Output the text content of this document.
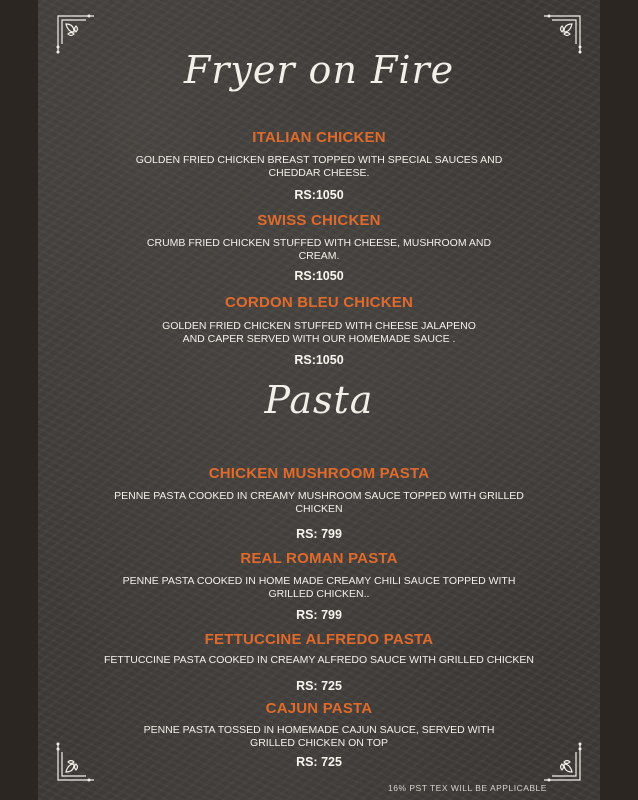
Fryer on Fire
ITALIAN CHICKEN
GOLDEN FRIED CHICKEN BREAST TOPPED WITH SPECIAL SAUCES AND CHEDDAR CHEESE.
RS:1050
SWISS CHICKEN
CRUMB FRIED CHICKEN STUFFED WITH CHEESE, MUSHROOM AND CREAM.
RS:1050
CORDON BLEU CHICKEN
GOLDEN FRIED CHICKEN STUFFED WITH CHEESE JALAPENO AND CAPER SERVED WITH OUR HOMEMADE SAUCE .
RS:1050
Pasta
CHICKEN MUSHROOM PASTA
PENNE PASTA COOKED IN CREAMY MUSHROOM SAUCE TOPPED WITH GRILLED CHICKEN
RS: 799
REAL ROMAN PASTA
PENNE PASTA COOKED IN HOME MADE CREAMY CHILI SAUCE TOPPED WITH GRILLED CHICKEN..
RS: 799
FETTUCCINE ALFREDO PASTA
FETTUCCINE PASTA COOKED IN CREAMY ALFREDO SAUCE WITH GRILLED CHICKEN
RS: 725
CAJUN PASTA
PENNE PASTA TOSSED IN HOMEMADE CAJUN SAUCE, SERVED WITH GRILLED CHICKEN ON TOP
RS: 725
16% PST TEX WILL BE APPLICABLE
